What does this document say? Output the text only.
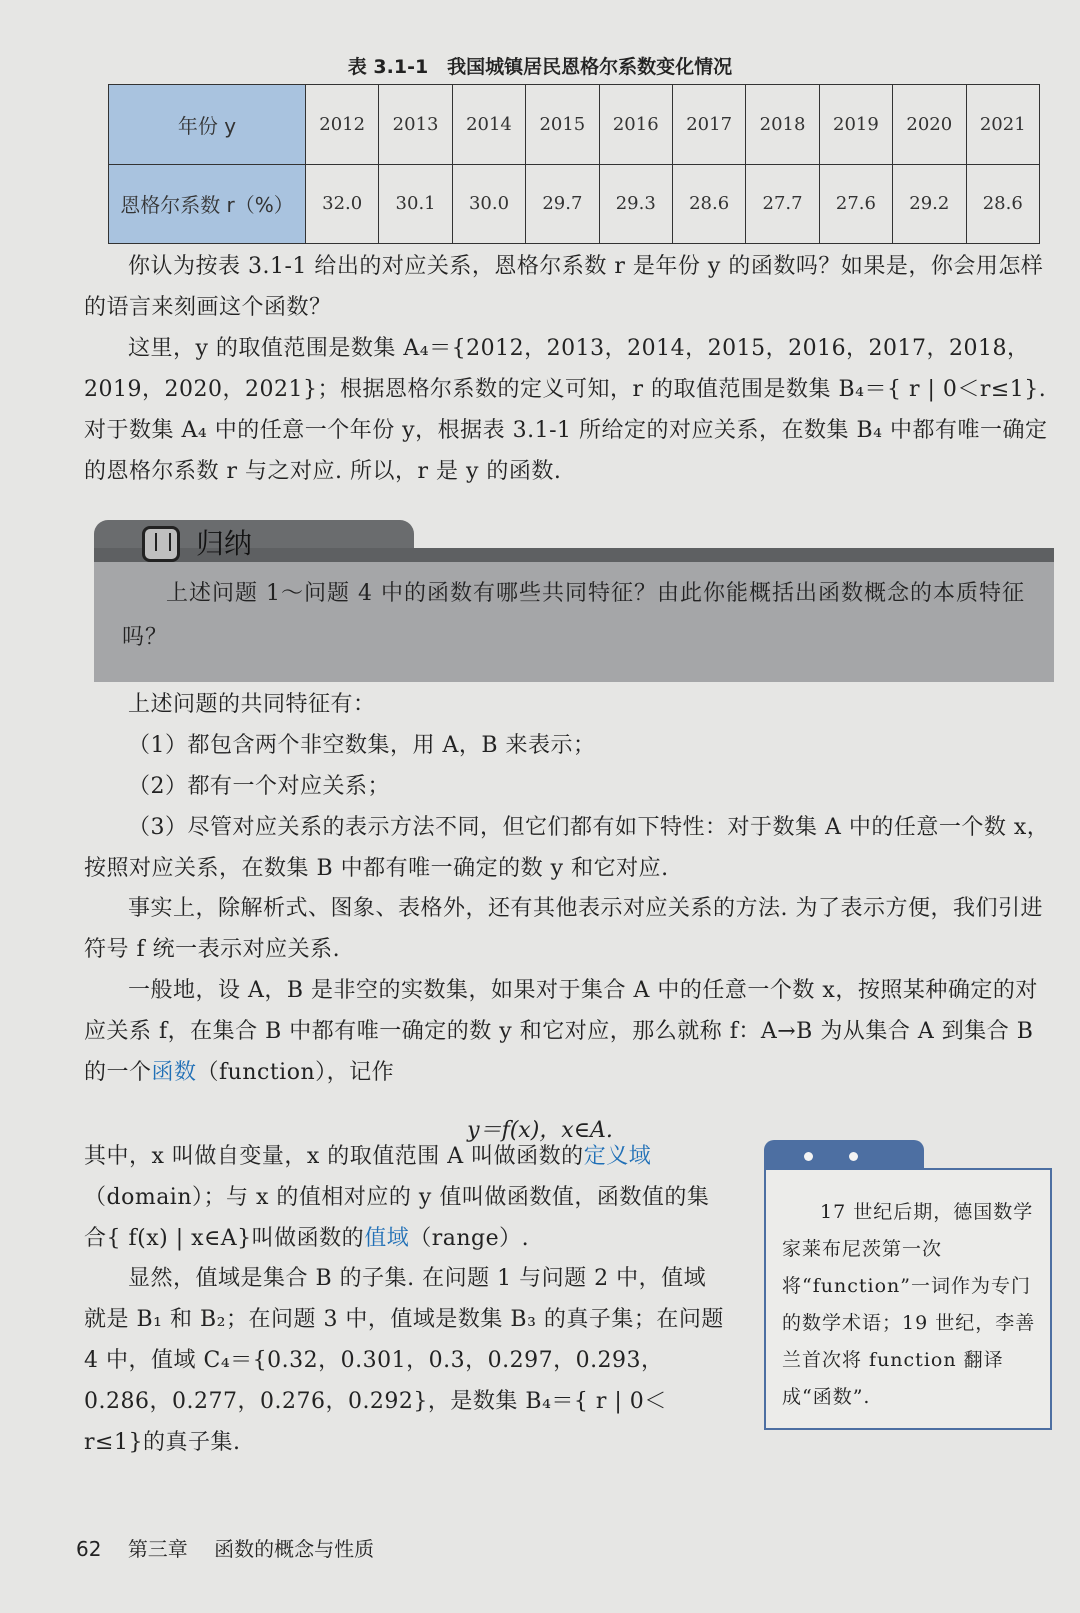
表 3.1-1　我国城镇居民恩格尔系数变化情况
年份 y	2012	2013	2014	2015	2016	2017	2018	2019	2020	2021
恩格尔系数 r（%）	32.0	30.1	30.0	29.7	29.3	28.6	27.7	27.6	29.2	28.6
你认为按表 3.1-1 给出的对应关系，恩格尔系数 r 是年份 y 的函数吗？如果是，你会用怎样的语言来刻画这个函数？
这里，y 的取值范围是数集 A₄＝{2012，2013，2014，2015，2016，2017，2018，2019，2020，2021}；根据恩格尔系数的定义可知，r 的取值范围是数集 B₄＝{ r | 0＜r≤1}. 对于数集 A₄ 中的任意一个年份 y，根据表 3.1-1 所给定的对应关系，在数集 B₄ 中都有唯一确定的恩格尔系数 r 与之对应. 所以，r 是 y 的函数.
归纳
上述问题 1～问题 4 中的函数有哪些共同特征？由此你能概括出函数概念的本质特征吗？
上述问题的共同特征有：
（1）都包含两个非空数集，用 A，B 来表示；
（2）都有一个对应关系；
（3）尽管对应关系的表示方法不同，但它们都有如下特性：对于数集 A 中的任意一个数 x，按照对应关系，在数集 B 中都有唯一确定的数 y 和它对应.
事实上，除解析式、图象、表格外，还有其他表示对应关系的方法. 为了表示方便，我们引进符号 f 统一表示对应关系.
一般地，设 A，B 是非空的实数集，如果对于集合 A 中的任意一个数 x，按照某种确定的对应关系 f，在集合 B 中都有唯一确定的数 y 和它对应，那么就称 f：A→B 为从集合 A 到集合 B 的一个函数（function），记作
y＝f(x)，x∈A.
其中，x 叫做自变量，x 的取值范围 A 叫做函数的定义域（domain）；与 x 的值相对应的 y 值叫做函数值，函数值的集合{ f(x) | x∈A}叫做函数的值域（range）.
显然，值域是集合 B 的子集. 在问题 1 与问题 2 中，值域就是 B₁ 和 B₂；在问题 3 中，值域是数集 B₃ 的真子集；在问题 4 中，值域 C₄＝{0.32，0.301，0.3，0.297，0.293，0.286，0.277，0.276，0.292}，是数集 B₄＝{ r | 0＜r≤1}的真子集.
17 世纪后期，德国数学家莱布尼茨第一次将“function”一词作为专门的数学术语；19 世纪，李善兰首次将 function 翻译成“函数”.
62 第三章 函数的概念与性质
